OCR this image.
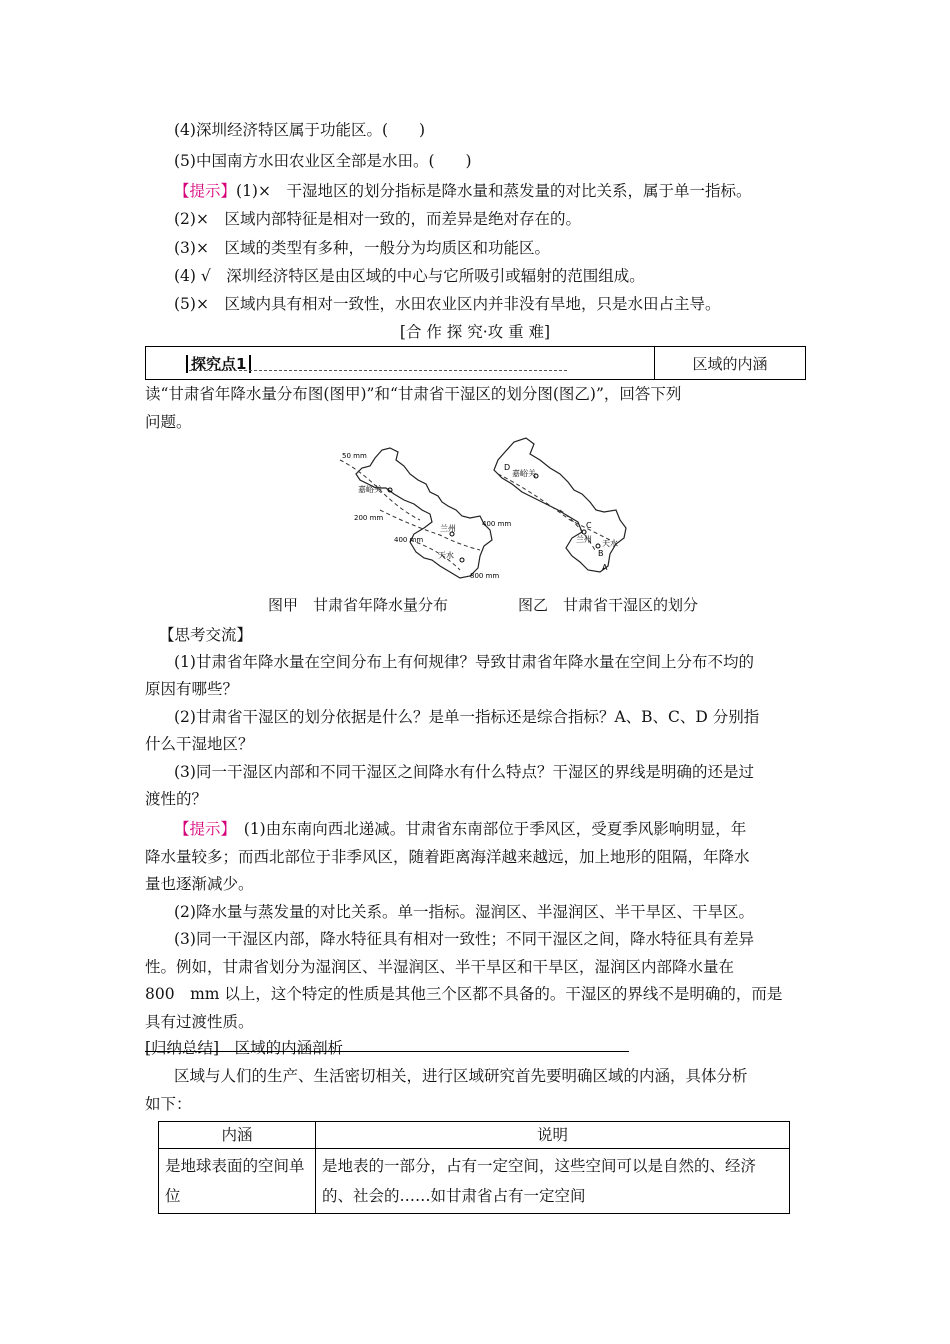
(4)深圳经济特区属于功能区。(　　)
(5)中国南方水田农业区全部是水田。(　　)
【提示】(1)×　干湿地区的划分指标是降水量和蒸发量的对比关系，属于单一指标。
(2)×　区域内部特征是相对一致的，而差异是绝对存在的。
(3)×　区域的类型有多种，一般分为均质区和功能区。
(4) √　深圳经济特区是由区域的中心与它所吸引或辐射的范围组成。
(5)×　区域内具有相对一致性，水田农业区内并非没有旱地，只是水田占主导。
[合 作 探 究·攻 重 难]
探究点1	区域的内涵
读“甘肃省年降水量分布图(图甲)”和“甘肃省干湿区的划分图(图乙)”，回答下列
问题。
50 mm
200 mm
400 mm
400 mm
800 mm
嘉峪关
兰州
天水
D
C
B
A
嘉峪关
兰州 天水
图甲　甘肃省年降水量分布	图乙　甘肃省干湿区的划分
【思考交流】
(1)甘肃省年降水量在空间分布上有何规律？导致甘肃省年降水量在空间上分布不均的
原因有哪些？
(2)甘肃省干湿区的划分依据是什么？是单一指标还是综合指标？A、B、C、D 分别指
什么干湿地区？
(3)同一干湿区内部和不同干湿区之间降水有什么特点？干湿区的界线是明确的还是过
渡性的？
【提示】　(1)由东南向西北递减。甘肃省东南部位于季风区，受夏季风影响明显，年
降水量较多；而西北部位于非季风区，随着距离海洋越来越远，加上地形的阻隔，年降水
量也逐渐减少。
(2)降水量与蒸发量的对比关系。单一指标。湿润区、半湿润区、半干旱区、干旱区。
(3)同一干湿区内部，降水特征具有相对一致性；不同干湿区之间，降水特征具有差异
性。例如，甘肃省划分为湿润区、半湿润区、半干旱区和干旱区，湿润区内部降水量在
800　mm 以上，这个特定的性质是其他三个区都不具备的。干湿区的界线不是明确的，而是
具有过渡性质。
[归纳总结]　区域的内涵剖析
区域与人们的生产、生活密切相关，进行区域研究首先要明确区域的内涵，具体分析
如下：
内涵	说明
是地球表面的空间单位	是地表的一部分，占有一定空间，这些空间可以是自然的、经济的、社会的……如甘肃省占有一定空间
